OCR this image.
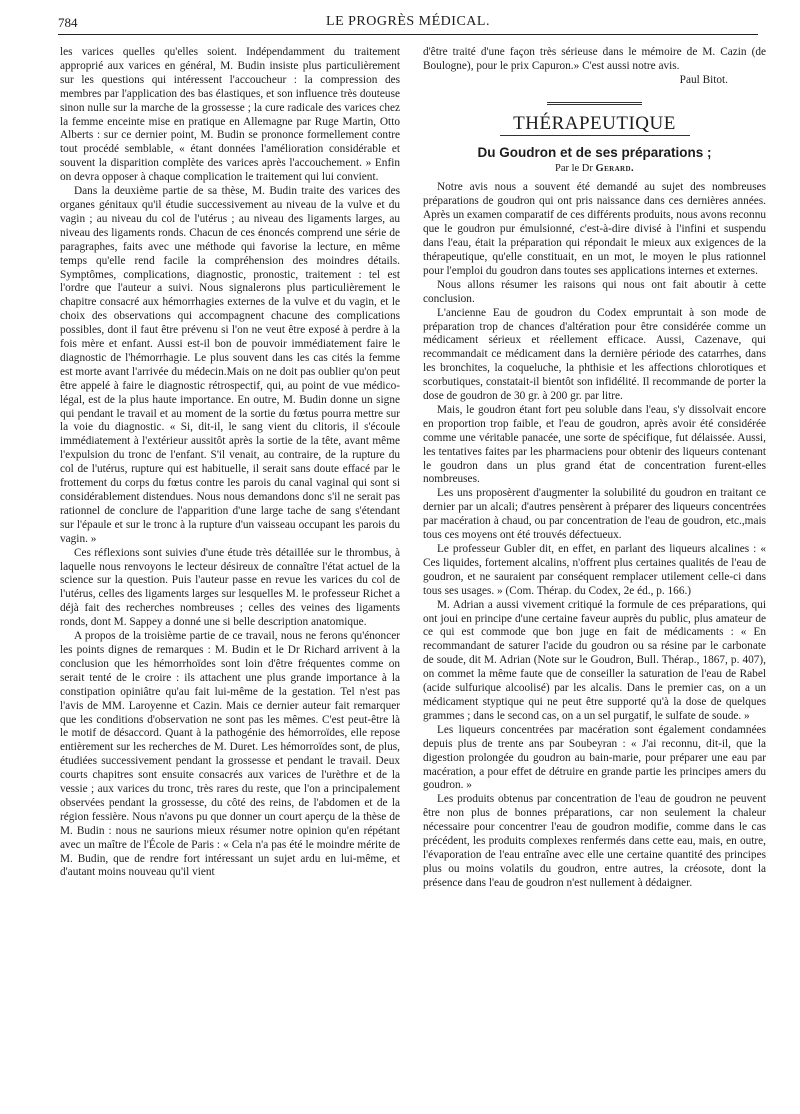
784	LE PROGRÈS MÉDICAL.

les varices quelles qu'elles soient. Indépendamment du traitement approprié aux varices en général, M. Budin insiste plus particulièrement sur les questions qui intéressent l'accoucheur : la compression des membres par l'application des bas élastiques, et son influence très douteuse sinon nulle sur la marche de la grossesse ; la cure radicale des varices chez la femme enceinte mise en pratique en Allemagne par Ruge Martin, Otto Alberts : sur ce dernier point, M. Budin se prononce formellement contre tout procédé semblable, « étant données l'amélioration considérable et souvent la disparition complète des varices après l'accouchement. » Enfin on devra opposer à chaque complication le traitement qui lui convient.

Dans la deuxième partie de sa thèse, M. Budin traite des varices des organes génitaux qu'il étudie successivement au niveau de la vulve et du vagin ; au niveau du col de l'utérus ; au niveau des ligaments larges, au niveau des ligaments ronds. Chacun de ces énoncés comprend une série de paragraphes, faits avec une méthode qui favorise la lecture, en même temps qu'elle rend facile la compréhension des moindres détails. Symptômes, complications, diagnostic, pronostic, traitement : tel est l'ordre que l'auteur a suivi. Nous signalerons plus particulièrement le chapitre consacré aux hémorrhagies externes de la vulve et du vagin, et le choix des observations qui accompagnent chacune des complications possibles, dont il faut être prévenu si l'on ne veut être exposé à perdre à la fois mère et enfant. Aussi est-il bon de pouvoir immédiatement faire le diagnostic de l'hémorrhagie. Le plus souvent dans les cas cités la femme est morte avant l'arrivée du médecin.Mais on ne doit pas oublier qu'on peut être appelé à faire le diagnostic rétrospectif, qui, au point de vue médico-légal, est de la plus haute importance. En outre, M. Budin donne un signe qui pendant le travail et au moment de la sortie du fœtus pourra mettre sur la voie du diagnostic. « Si, dit-il, le sang vient du clitoris, il s'écoule immédiatement à l'extérieur aussitôt après la sortie de la tête, avant même l'expulsion du tronc de l'enfant. S'il venait, au contraire, de la rupture du col de l'utérus, rupture qui est habituelle, il serait sans doute effacé par le frottement du corps du fœtus contre les parois du canal vaginal qui sont si considérablement distendues. Nous nous demandons donc s'il ne serait pas rationnel de conclure de l'apparition d'une large tache de sang s'étendant sur l'épaule et sur le tronc à la rupture d'un vaisseau occupant les parois du vagin. »

Ces réflexions sont suivies d'une étude très détaillée sur le thrombus, à laquelle nous renvoyons le lecteur désireux de connaître l'état actuel de la science sur la question. Puis l'auteur passe en revue les varices du col de l'utérus, celles des ligaments larges sur lesquelles M. le professeur Richet a déjà fait des recherches nombreuses ; celles des veines des ligaments ronds, dont M. Sappey a donné une si belle description anatomique.

A propos de la troisième partie de ce travail, nous ne ferons qu'énoncer les points dignes de remarques : M. Budin et le Dr Richard arrivent à la conclusion que les hémorrhoïdes sont loin d'être fréquentes comme on serait tenté de le croire : ils attachent une plus grande importance à la constipation opiniâtre qu'au fait lui-même de la gestation. Tel n'est pas l'avis de MM. Laroyenne et Cazin. Mais ce dernier auteur fait remarquer que les conditions d'observation ne sont pas les mêmes. C'est peut-être là le motif de désaccord. Quant à la pathogénie des hémorroïdes, elle repose entièrement sur les recherches de M. Duret. Les hémorroïdes sont, de plus, étudiées successivement pendant la grossesse et pendant le travail. Deux courts chapitres sont ensuite consacrés aux varices de l'urèthre et de la vessie ; aux varices du tronc, très rares du reste, que l'on a principalement observées pendant la grossesse, du côté des reins, de l'abdomen et de la région fessière. Nous n'avons pu que donner un court aperçu de la thèse de M. Budin : nous ne saurions mieux résumer notre opinion qu'en répétant avec un maître de l'École de Paris : « Cela n'a pas été le moindre mérite de M. Budin, que de rendre fort intéressant un sujet ardu en lui-même, et d'autant moins nouveau qu'il vient

d'être traité d'une façon très sérieuse dans le mémoire de M. Cazin (de Boulogne), pour le prix Capuron.» C'est aussi notre avis.

Paul Bitot.
THÉRAPEUTIQUE
Du Goudron et de ses préparations ;
Par le Dr Gerard.

Notre avis nous a souvent été demandé au sujet des nombreuses préparations de goudron qui ont pris naissance dans ces dernières années. Après un examen comparatif de ces différents produits, nous avons reconnu que le goudron pur émulsionné, c'est-à-dire divisé à l'infini et suspendu dans l'eau, était la préparation qui répondait le mieux aux exigences de la thérapeutique, qu'elle constituait, en un mot, le moyen le plus rationnel pour l'emploi du goudron dans toutes ses applications internes et externes.

Nous allons résumer les raisons qui nous ont fait aboutir à cette conclusion.

L'ancienne Eau de goudron du Codex empruntait à son mode de préparation trop de chances d'altération pour être considérée comme un médicament sérieux et réellement efficace. Aussi, Cazenave, qui recommandait ce médicament dans la dernière période des catarrhes, dans les bronchites, la coqueluche, la phthisie et les affections chlorotiques et scorbutiques, constatait-il bientôt son infidélité. Il recommande de porter la dose de goudron de 30 gr. à 200 gr. par litre.

Mais, le goudron étant fort peu soluble dans l'eau, s'y dissolvait encore en proportion trop faible, et l'eau de goudron, après avoir été considérée comme une véritable panacée, une sorte de spécifique, fut délaissée. Aussi, les tentatives faites par les pharmaciens pour obtenir des liqueurs contenant le goudron dans un plus grand état de concentration furent-elles nombreuses.

Les uns proposèrent d'augmenter la solubilité du goudron en traitant ce dernier par un alcali; d'autres pensèrent à préparer des liqueurs concentrées par macération à chaud, ou par concentration de l'eau de goudron, etc.,mais tous ces moyens ont été trouvés défectueux.

Le professeur Gubler dit, en effet, en parlant des liqueurs alcalines : « Ces liquides, fortement alcalins, n'offrent plus certaines qualités de l'eau de goudron, et ne sauraient par conséquent remplacer utilement celle-ci dans tous ses usages. » (Com. Thérap. du Codex, 2e éd., p. 166.)

M. Adrian a aussi vivement critiqué la formule de ces préparations, qui ont joui en principe d'une certaine faveur auprès du public, plus amateur de ce qui est commode que bon juge en fait de médicaments : « En recommandant de saturer l'acide du goudron ou sa résine par le carbonate de soude, dit M. Adrian (Note sur le Goudron, Bull. Thérap., 1867, p. 407), on commet la même faute que de conseiller la saturation de l'eau de Rabel (acide sulfurique alcoolisé) par les alcalis. Dans le premier cas, on a un médicament styptique qui ne peut être supporté qu'à la dose de quelques grammes ; dans le second cas, on a un sel purgatif, le sulfate de soude. »

Les liqueurs concentrées par macération sont également condamnées depuis plus de trente ans par Soubeyran : « J'ai reconnu, dit-il, que la digestion prolongée du goudron au bain-marie, pour préparer une eau par macération, a pour effet de détruire en grande partie les principes amers du goudron. »

Les produits obtenus par concentration de l'eau de goudron ne peuvent être non plus de bonnes préparations, car non seulement la chaleur nécessaire pour concentrer l'eau de goudron modifie, comme dans le cas précédent, les produits complexes renfermés dans cette eau, mais, en outre, l'évaporation de l'eau entraîne avec elle une certaine quantité des principes plus ou moins volatils du goudron, entre autres, la créosote, dont la présence dans l'eau de goudron n'est nullement à dédaigner.
